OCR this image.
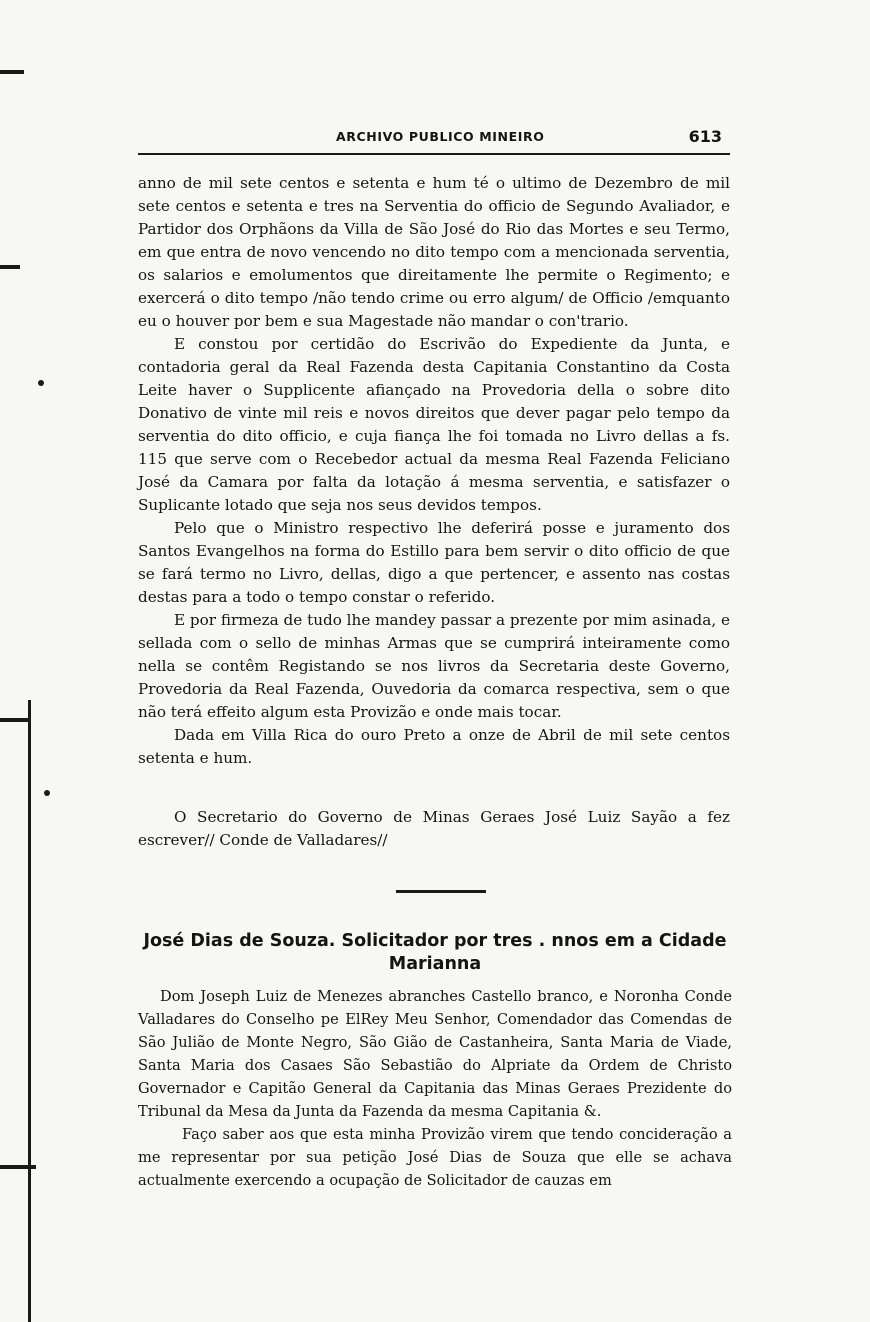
ARCHIVO PUBLICO MINEIRO	613

anno de mil sete centos e setenta e hum té o ultimo de Dezembro de mil sete centos e setenta e tres na Serventia do officio de Segundo Avaliador, e Partidor dos Orphãons da Villa de São José do Rio das Mortes e seu Termo, em que entra de novo vencendo no dito tempo com a mencionada serventia, os salarios e emolumentos que direitamente lhe permite o Regimento; e exercerá o dito tempo /não tendo crime ou erro algum/ de Officio /emquanto eu o houver por bem e sua Magestade não mandar o con'trario.

E constou por certidão do Escrivão do Expediente da Junta, e contadoria geral da Real Fazenda desta Capitania Constantino da Costa Leite haver o Supplicente afiançado na Provedoria della o sobre dito Donativo de vinte mil reis e novos direitos que dever pagar pelo tempo da serventia do dito officio, e cuja fiança lhe foi tomada no Livro dellas a fs. 115 que serve com o Recebedor actual da mesma Real Fazenda Feliciano José da Camara por falta da lotação á mesma serventia, e satisfazer o Suplicante lotado que seja nos seus devidos tempos.

Pelo que o Ministro respectivo lhe deferirá posse e juramento dos Santos Evangelhos na forma do Estillo para bem servir o dito officio de que se fará termo no Livro, dellas, digo a que pertencer, e assento nas costas destas para a todo o tempo constar o referido.

E por firmeza de tudo lhe mandey passar a prezente por mim asinada, e sellada com o sello de minhas Armas que se cumprirá inteiramente como nella se contêm Registando se nos livros da Secretaria deste Governo, Provedoria da Real Fazenda, Ouvedoria da comarca respectiva, sem o que não terá effeito algum esta Provizão e onde mais tocar.

Dada em Villa Rica do ouro Preto a onze de Abril de mil sete centos setenta e hum.

O Secretario do Governo de Minas Geraes José Luiz Sayão a fez escrever// Conde de Valladares//

José Dias de Souza. Solicitador por tres . nnos em a Cidade Marianna

Dom Joseph Luiz de Menezes abranches Castello branco, e Noronha Conde Valladares do Conselho pe ElRey Meu Senhor, Comendador das Comendas de São Julião de Monte Negro, São Gião de Castanheira, Santa Maria de Viade, Santa Maria dos Casaes São Sebastião do Alpriate da Ordem de Christo Governador e Capitão General da Capitania das Minas Geraes Prezidente do Tribunal da Mesa da Junta da Fazenda da mesma Capitania &.

Faço saber aos que esta minha Provizão virem que tendo concideração a me representar por sua petição José Dias de Souza que elle se achava actualmente exercendo a ocupação de Solicitador de cauzas em
